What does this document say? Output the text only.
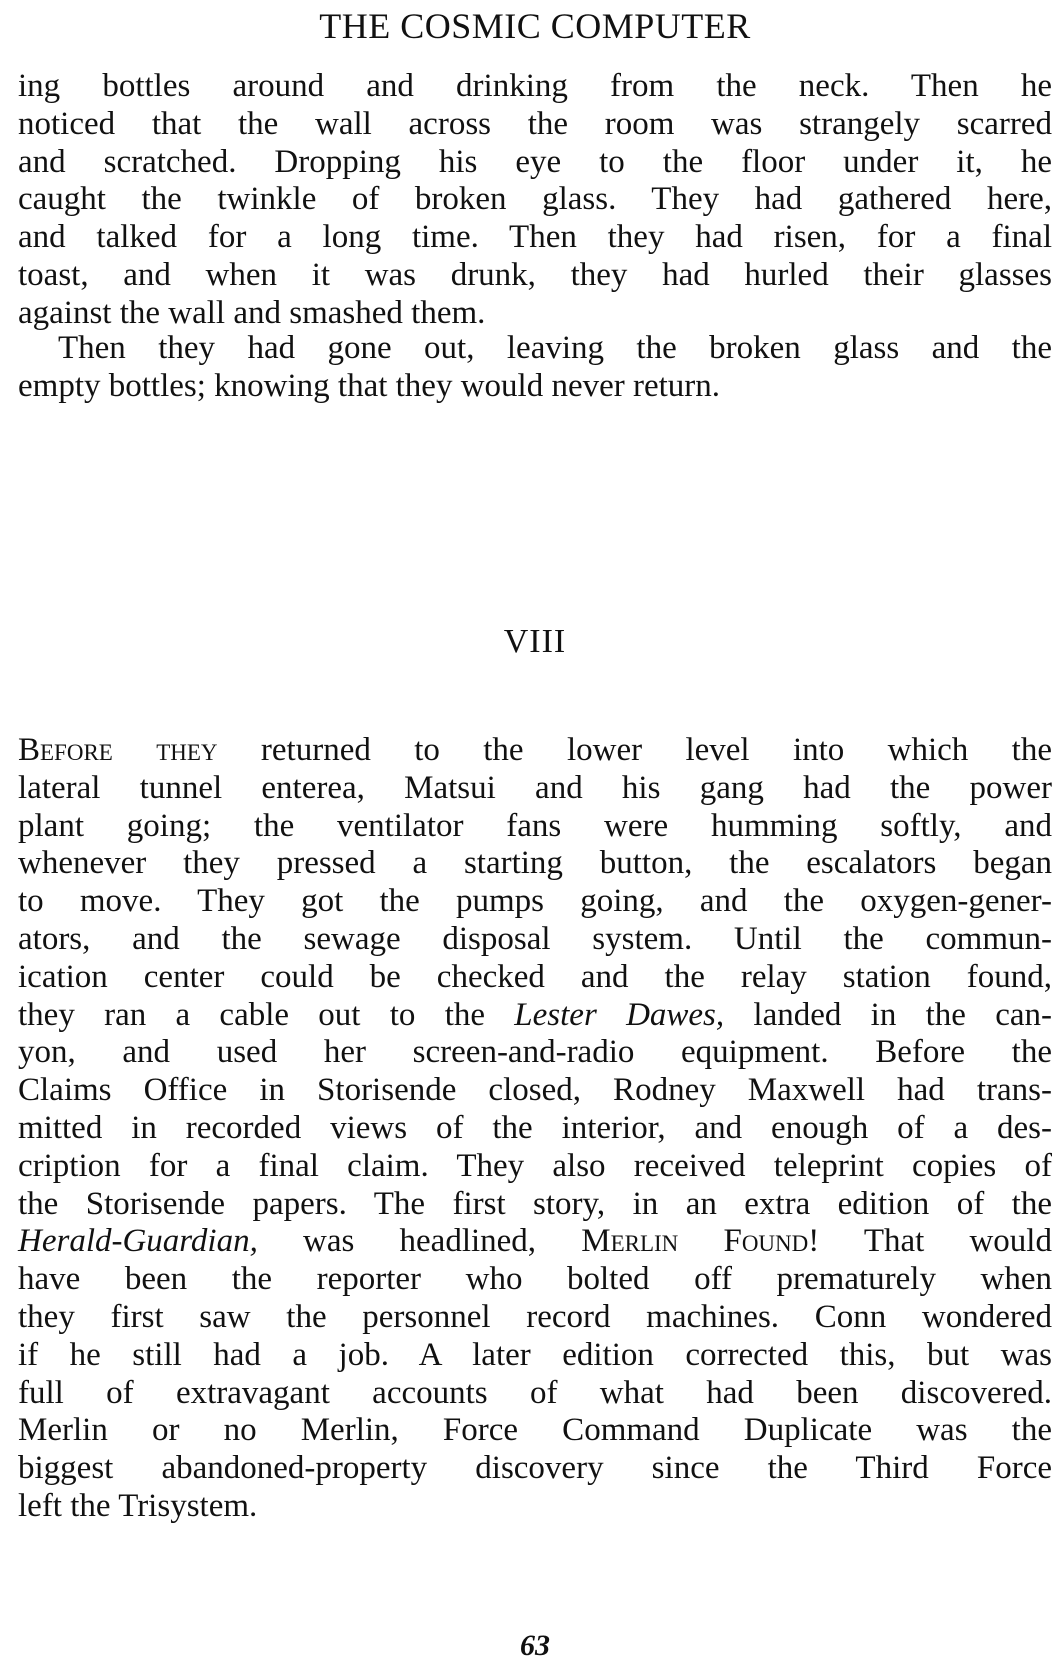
THE COSMIC COMPUTER
ing bottles around and drinking from the neck. Then he
noticed that the wall across the room was strangely scarred
and scratched. Dropping his eye to the floor under it, he
caught the twinkle of broken glass. They had gathered here,
and talked for a long time. Then they had risen, for a final
toast, and when it was drunk, they had hurled their glasses
against the wall and smashed them.
Then they had gone out, leaving the broken glass and the
empty bottles; knowing that they would never return.
VIII
Before they returned to the lower level into which the
lateral tunnel enterea, Matsui and his gang had the power
plant going; the ventilator fans were humming softly, and
whenever they pressed a starting button, the escalators began
to move. They got the pumps going, and the oxygen-gener-
ators, and the sewage disposal system. Until the commun-
ication center could be checked and the relay station found,
they ran a cable out to the Lester Dawes, landed in the can-
yon, and used her screen-and-radio equipment. Before the
Claims Office in Storisende closed, Rodney Maxwell had trans-
mitted in recorded views of the interior, and enough of a des-
cription for a final claim. They also received teleprint copies of
the Storisende papers. The first story, in an extra edition of the
Herald-Guardian, was headlined, Merlin Found! That would
have been the reporter who bolted off prematurely when
they first saw the personnel record machines. Conn wondered
if he still had a job. A later edition corrected this, but was
full of extravagant accounts of what had been discovered.
Merlin or no Merlin, Force Command Duplicate was the
biggest abandoned-property discovery since the Third Force
left the Trisystem.
63
